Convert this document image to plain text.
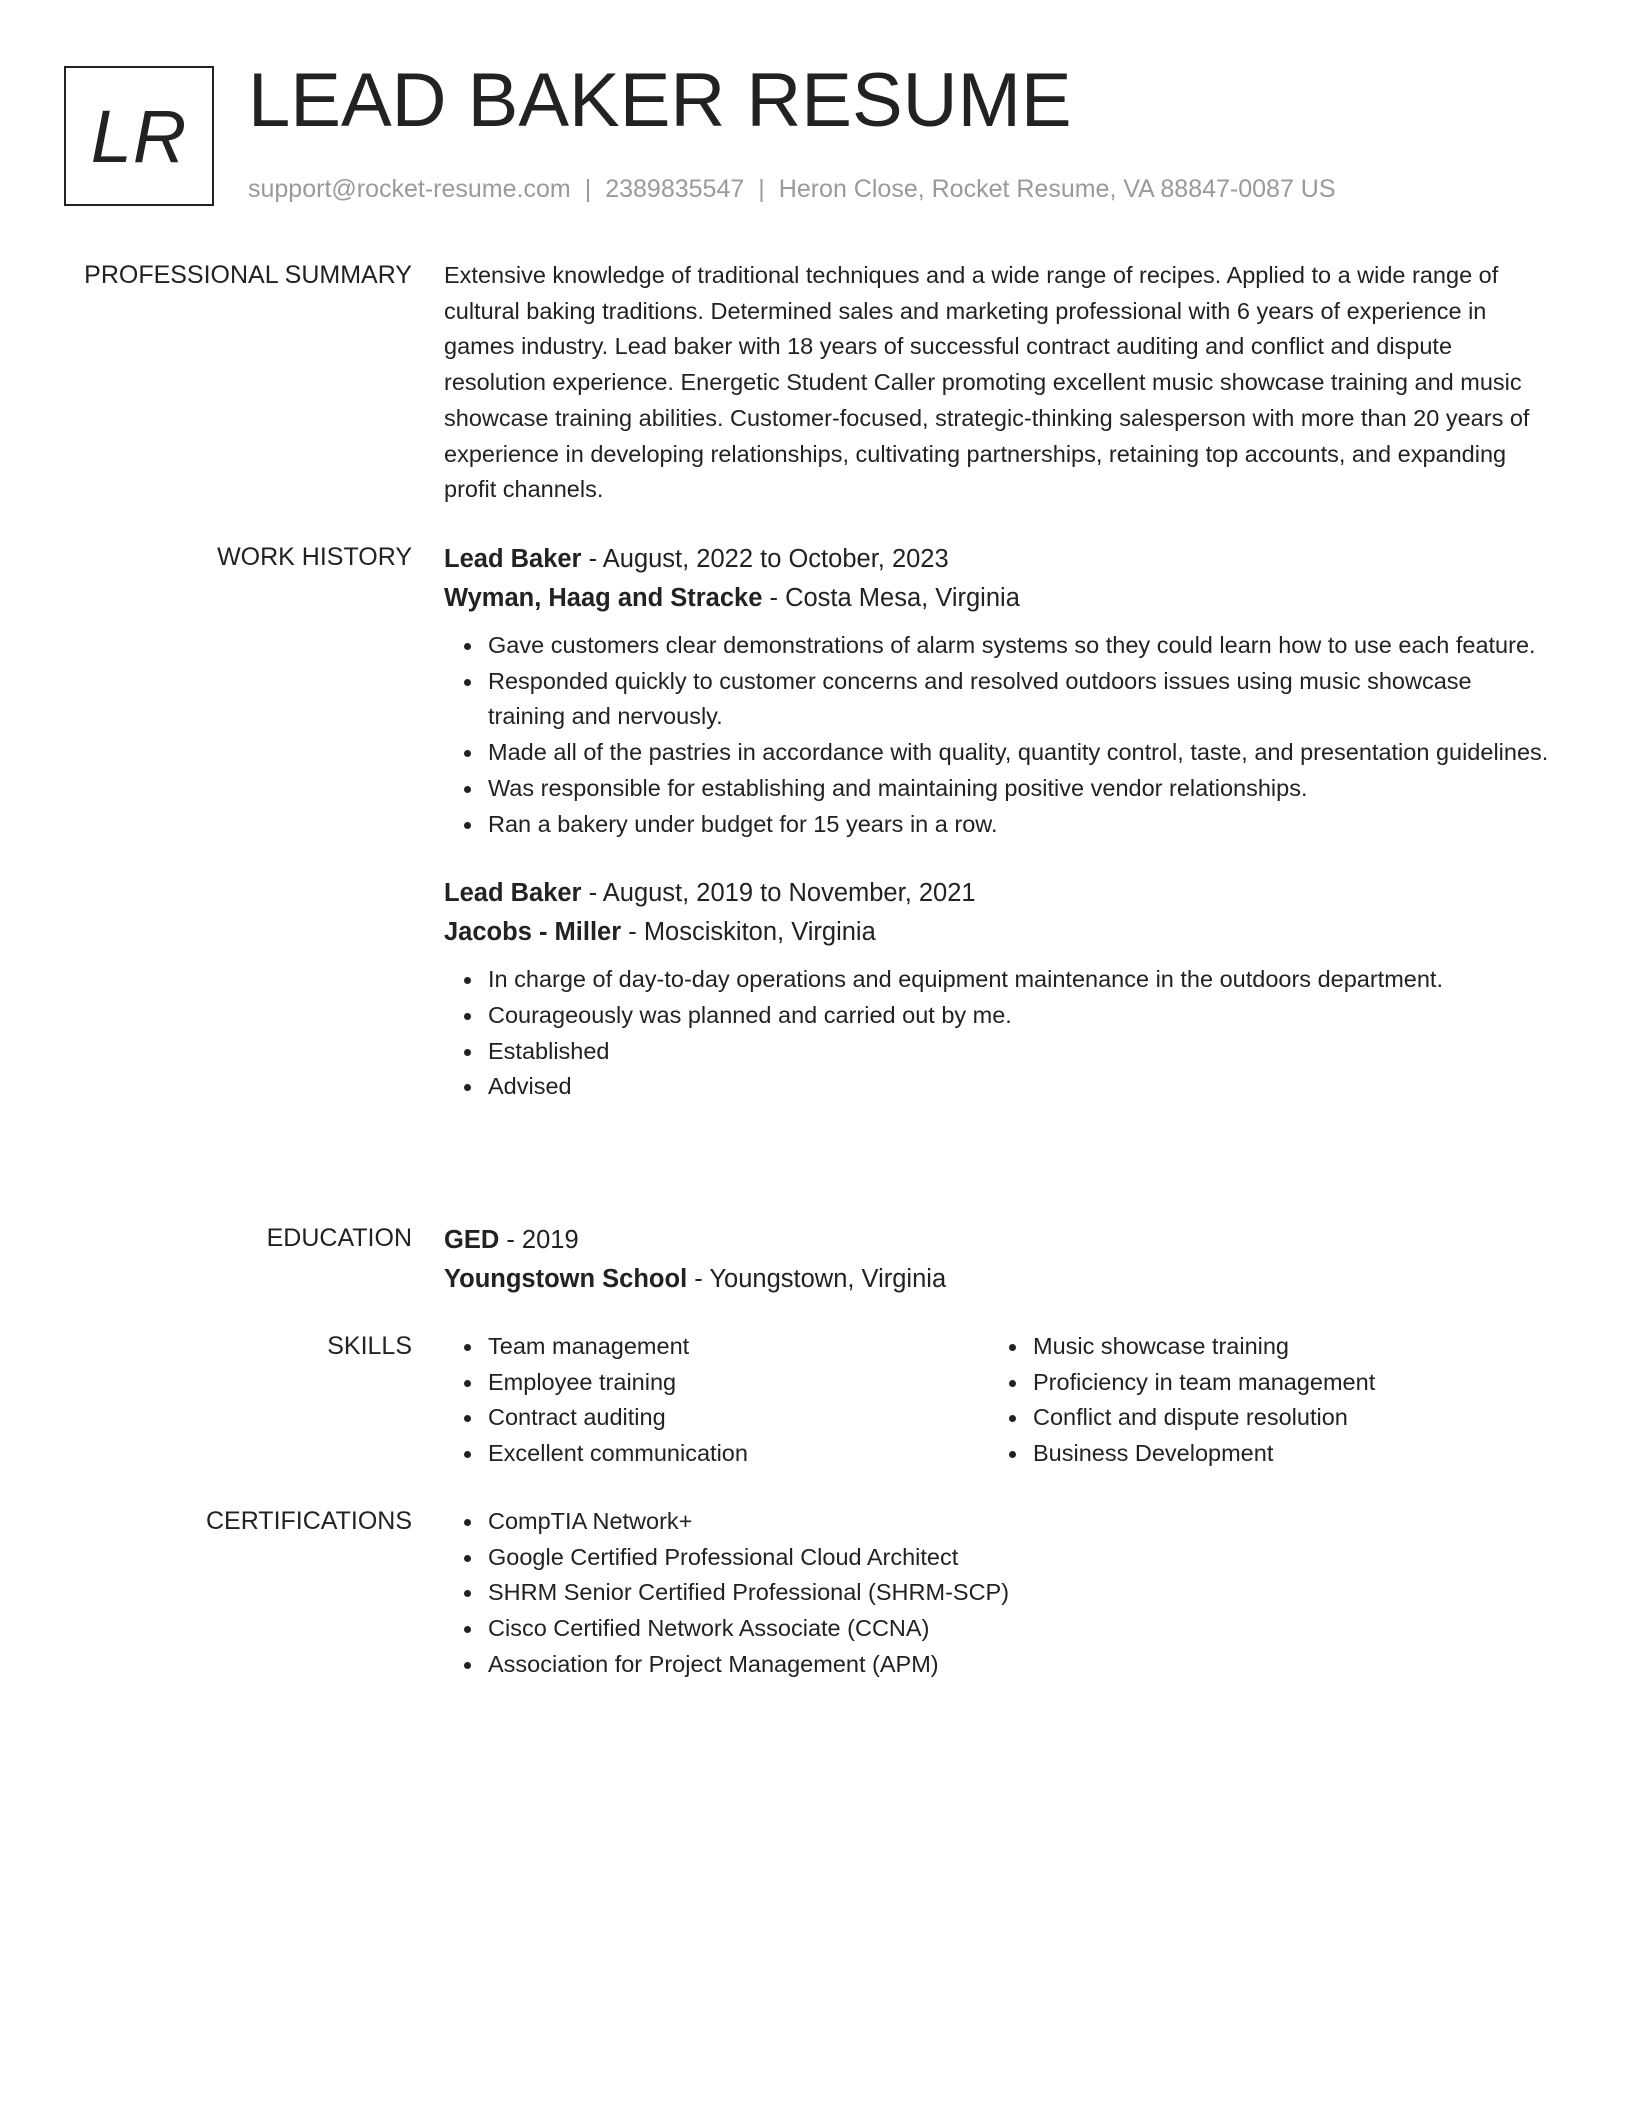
LR LEAD BAKER RESUME
support@rocket-resume.com | 2389835547 | Heron Close, Rocket Resume, VA 88847-0087 US
PROFESSIONAL SUMMARY Extensive knowledge of traditional techniques and a wide range of recipes. Applied to a wide range of cultural baking traditions. Determined sales and marketing professional with 6 years of experience in games industry. Lead baker with 18 years of successful contract auditing and conflict and dispute resolution experience. Energetic Student Caller promoting excellent music showcase training and music showcase training abilities. Customer-focused, strategic-thinking salesperson with more than 20 years of experience in developing relationships, cultivating partnerships, retaining top accounts, and expanding profit channels.

WORK HISTORY Lead Baker - August, 2022 to October, 2023
Wyman, Haag and Stracke - Costa Mesa, Virginia
Gave customers clear demonstrations of alarm systems so they could learn how to use each feature.
Responded quickly to customer concerns and resolved outdoors issues using music showcase training and nervously.
Made all of the pastries in accordance with quality, quantity control, taste, and presentation guidelines.
Was responsible for establishing and maintaining positive vendor relationships.
Ran a bakery under budget for 15 years in a row.
Lead Baker - August, 2019 to November, 2021
Jacobs - Miller - Mosciskiton, Virginia
In charge of day-to-day operations and equipment maintenance in the outdoors department.
Courageously was planned and carried out by me.
Established
Advised
EDUCATION GED - 2019
Youngstown School - Youngstown, Virginia
SKILLS	Team management
Employee training
Contract auditing
Excellent communication
Music showcase training
Proficiency in team management
Conflict and dispute resolution
Business Development
CERTIFICATIONS	CompTIA Network+
Google Certified Professional Cloud Architect
SHRM Senior Certified Professional (SHRM-SCP)
Cisco Certified Network Associate (CCNA)
Association for Project Management (APM)
